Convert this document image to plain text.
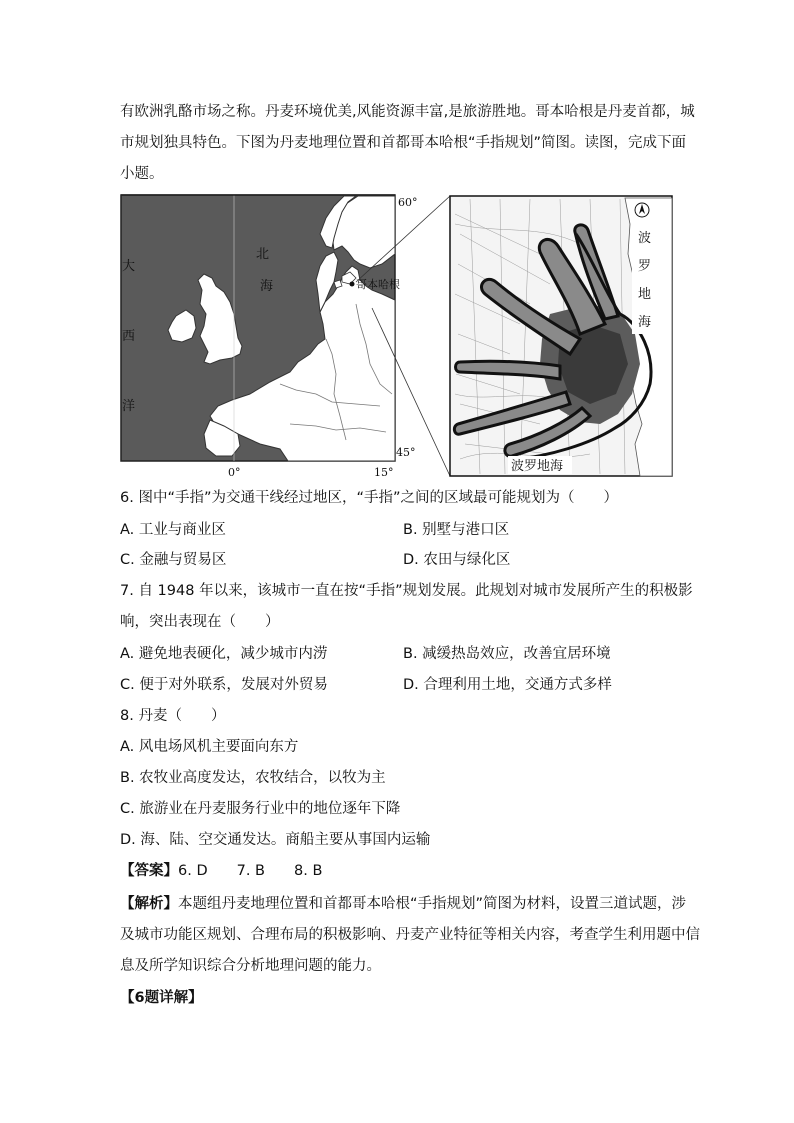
有欧洲乳酪市场之称。丹麦环境优美,风能资源丰富,是旅游胜地。哥本哈根是丹麦首都，城
市规划独具特色。下图为丹麦地理位置和首都哥本哈根“手指规划”简图。读图，完成下面
小题。
大
西
洋
北
海	哥本哈根
60°
45°
0°	15°
波
罗
地
海
波罗地海
6. 图中“手指”为交通干线经过地区，“手指”之间的区域最可能规划为（　　）
A. 工业与商业区	B. 别墅与港口区
C. 金融与贸易区	D. 农田与绿化区
7. 自 1948 年以来，该城市一直在按“手指”规划发展。此规划对城市发展所产生的积极影
响，突出表现在（　　）
A. 避免地表硬化，减少城市内涝	B. 减缓热岛效应，改善宜居环境
C. 便于对外联系，发展对外贸易	D. 合理利用土地，交通方式多样
8. 丹麦（　　）
A. 风电场风机主要面向东方
B. 农牧业高度发达，农牧结合，以牧为主
C. 旅游业在丹麦服务行业中的地位逐年下降
D. 海、陆、空交通发达。商船主要从事国内运输
【答案】6. D　　7. B　　8. B
【解析】本题组丹麦地理位置和首都哥本哈根“手指规划”简图为材料，设置三道试题，涉
及城市功能区规划、合理布局的积极影响、丹麦产业特征等相关内容，考查学生利用题中信
息及所学知识综合分析地理问题的能力。
【6题详解】
